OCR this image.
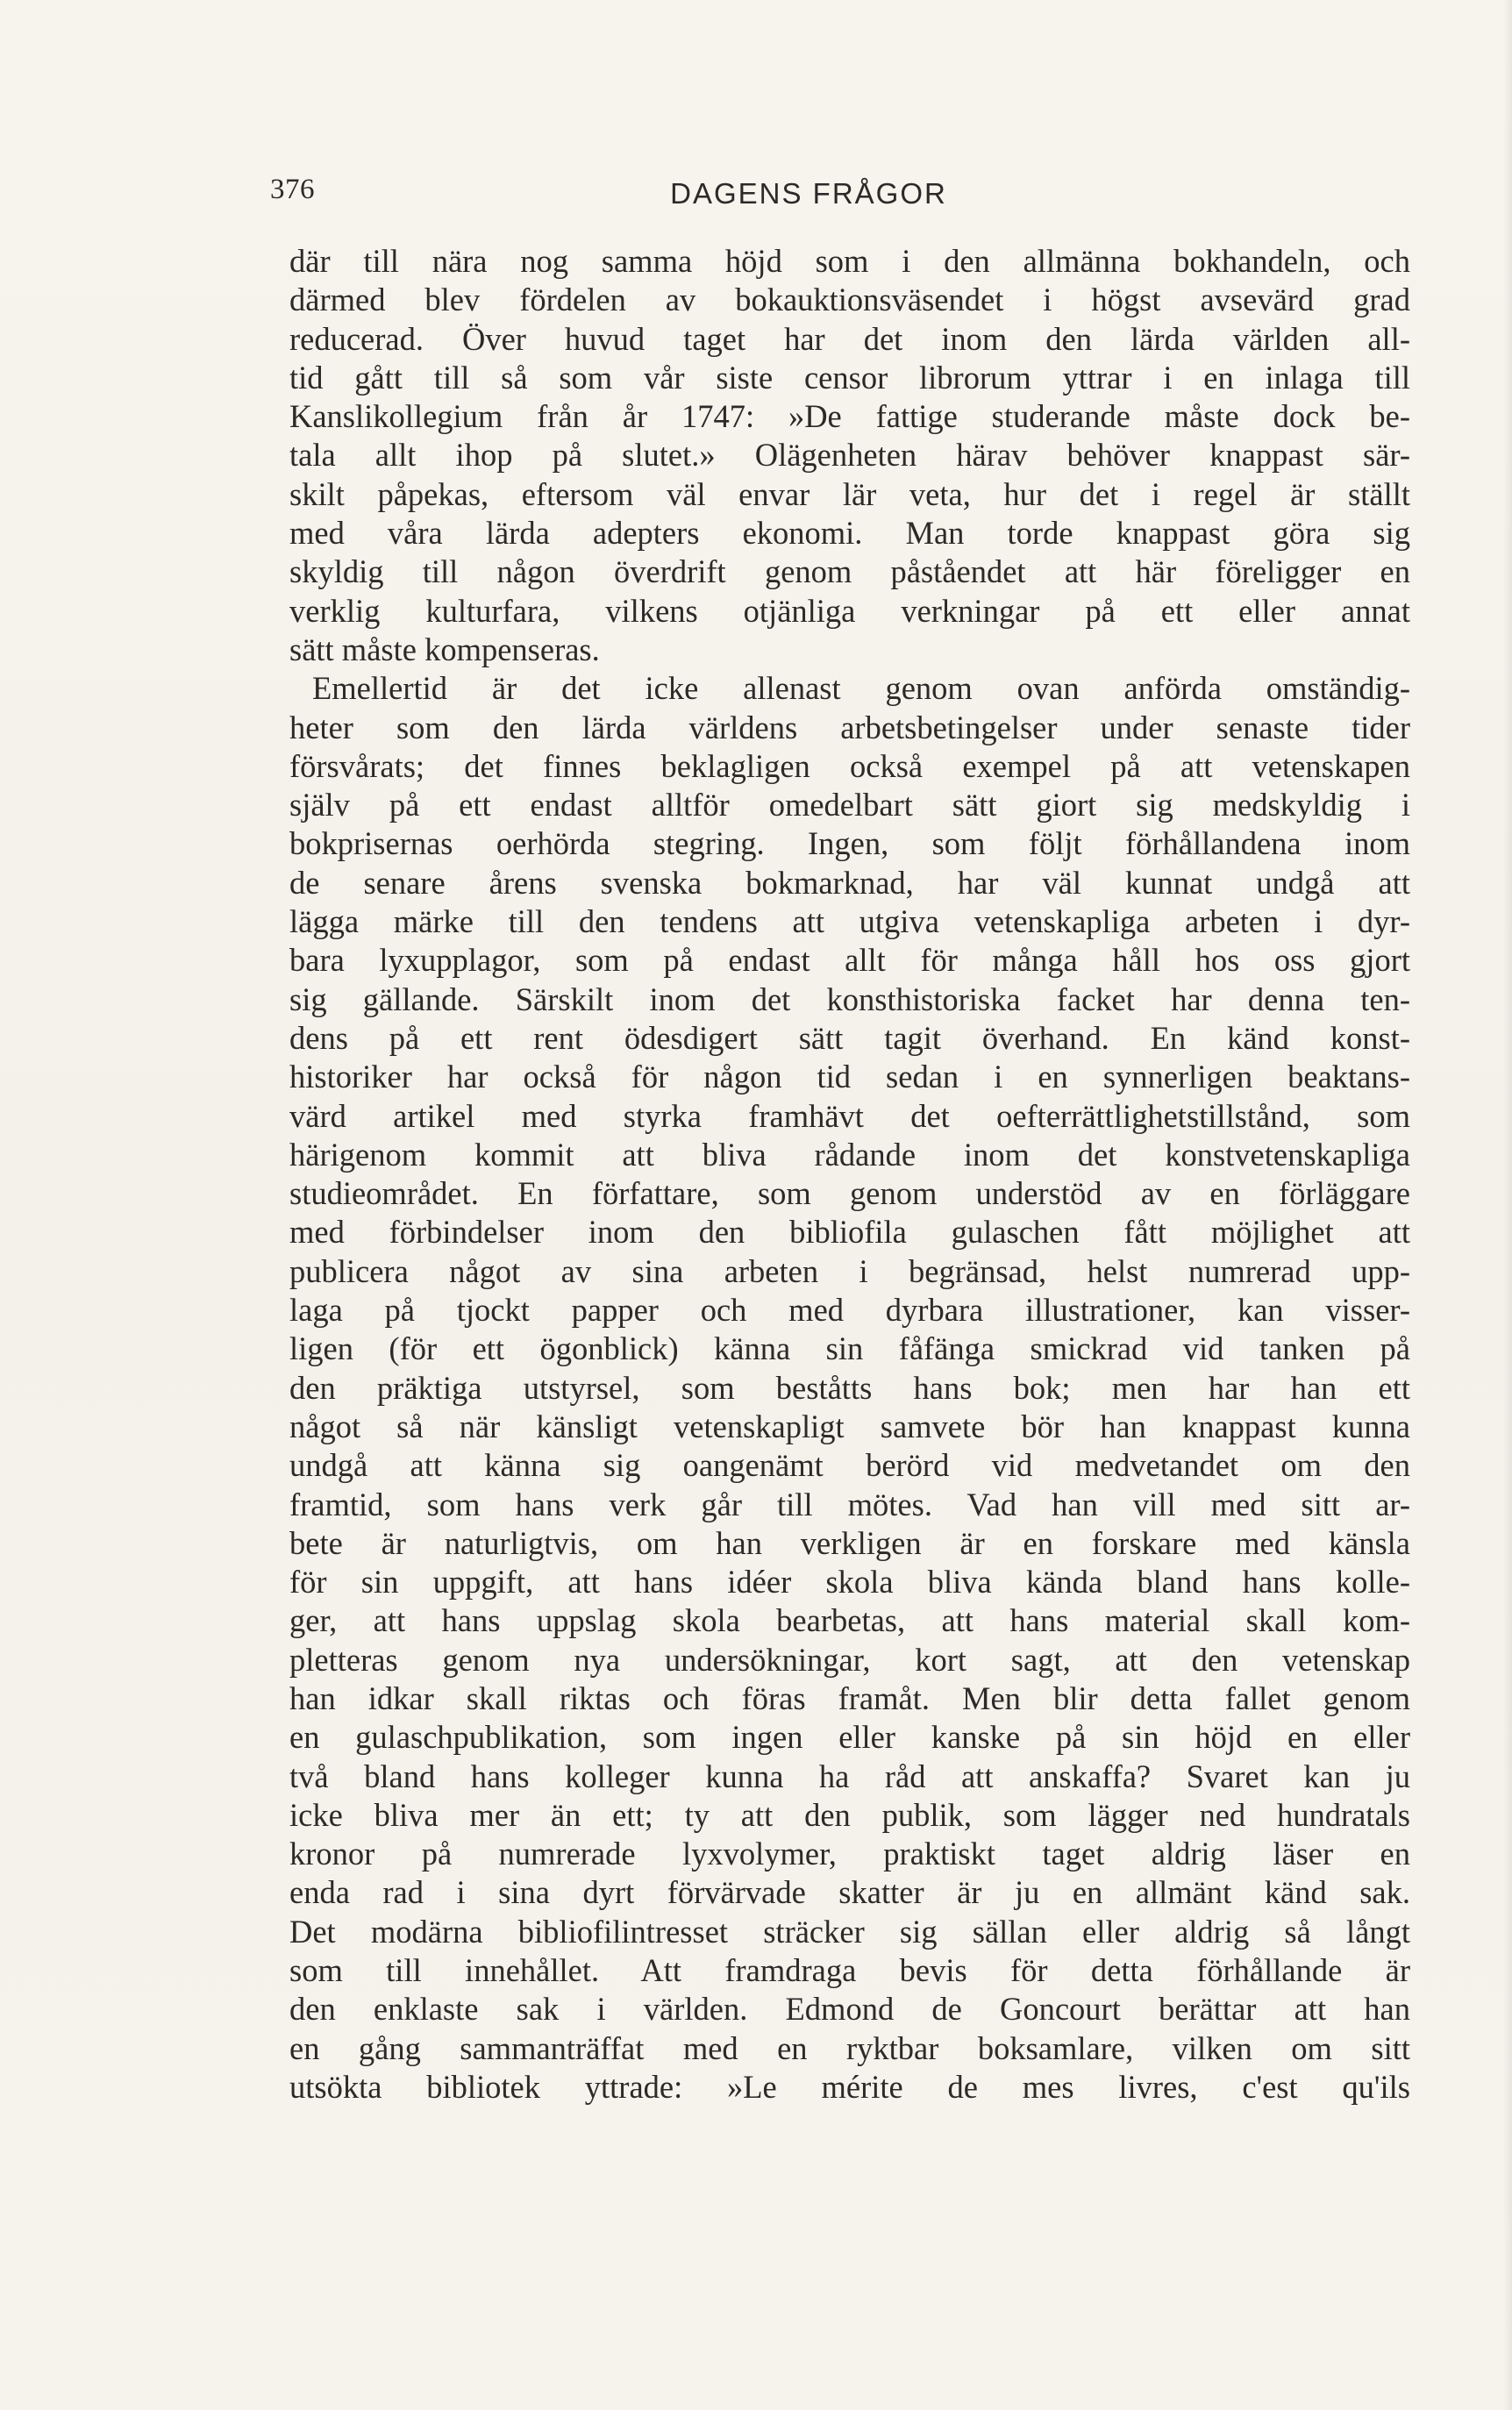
376	DAGENS FRÅGOR
där till nära nog samma höjd som i den allmänna bokhandeln, och
därmed blev fördelen av bokauktionsväsendet i högst avsevärd grad
reducerad. Över huvud taget har det inom den lärda världen all-
tid gått till så som vår siste censor librorum yttrar i en inlaga till
Kanslikollegium från år 1747: »De fattige studerande måste dock be-
tala allt ihop på slutet.» Olägenheten härav behöver knappast sär-
skilt påpekas, eftersom väl envar lär veta, hur det i regel är ställt
med våra lärda adepters ekonomi. Man torde knappast göra sig
skyldig till någon överdrift genom påståendet att här föreligger en
verklig kulturfara, vilkens otjänliga verkningar på ett eller annat
sätt måste kompenseras.
Emellertid är det icke allenast genom ovan anförda omständig-
heter som den lärda världens arbetsbetingelser under senaste tider
försvårats; det finnes beklagligen också exempel på att vetenskapen
själv på ett endast alltför omedelbart sätt giort sig medskyldig i
bokprisernas oerhörda stegring. Ingen, som följt förhållandena inom
de senare årens svenska bokmarknad, har väl kunnat undgå att
lägga märke till den tendens att utgiva vetenskapliga arbeten i dyr-
bara lyxupplagor, som på endast allt för många håll hos oss gjort
sig gällande. Särskilt inom det konsthistoriska facket har denna ten-
dens på ett rent ödesdigert sätt tagit överhand. En känd konst-
historiker har också för någon tid sedan i en synnerligen beaktans-
värd artikel med styrka framhävt det oefterrättlighetstillstånd, som
härigenom kommit att bliva rådande inom det konstvetenskapliga
studieområdet. En författare, som genom understöd av en förläggare
med förbindelser inom den bibliofila gulaschen fått möjlighet att
publicera något av sina arbeten i begränsad, helst numrerad upp-
laga på tjockt papper och med dyrbara illustrationer, kan visser-
ligen (för ett ögonblick) känna sin fåfänga smickrad vid tanken på
den präktiga utstyrsel, som beståtts hans bok; men har han ett
något så när känsligt vetenskapligt samvete bör han knappast kunna
undgå att känna sig oangenämt berörd vid medvetandet om den
framtid, som hans verk går till mötes. Vad han vill med sitt ar-
bete är naturligtvis, om han verkligen är en forskare med känsla
för sin uppgift, att hans idéer skola bliva kända bland hans kolle-
ger, att hans uppslag skola bearbetas, att hans material skall kom-
pletteras genom nya undersökningar, kort sagt, att den vetenskap
han idkar skall riktas och föras framåt. Men blir detta fallet genom
en gulaschpublikation, som ingen eller kanske på sin höjd en eller
två bland hans kolleger kunna ha råd att anskaffa? Svaret kan ju
icke bliva mer än ett; ty att den publik, som lägger ned hundratals
kronor på numrerade lyxvolymer, praktiskt taget aldrig läser en
enda rad i sina dyrt förvärvade skatter är ju en allmänt känd sak.
Det modärna bibliofilintresset sträcker sig sällan eller aldrig så långt
som till innehållet. Att framdraga bevis för detta förhållande är
den enklaste sak i världen. Edmond de Goncourt berättar att han
en gång sammanträffat med en ryktbar boksamlare, vilken om sitt
utsökta bibliotek yttrade: »Le mérite de mes livres, c'est qu'ils
